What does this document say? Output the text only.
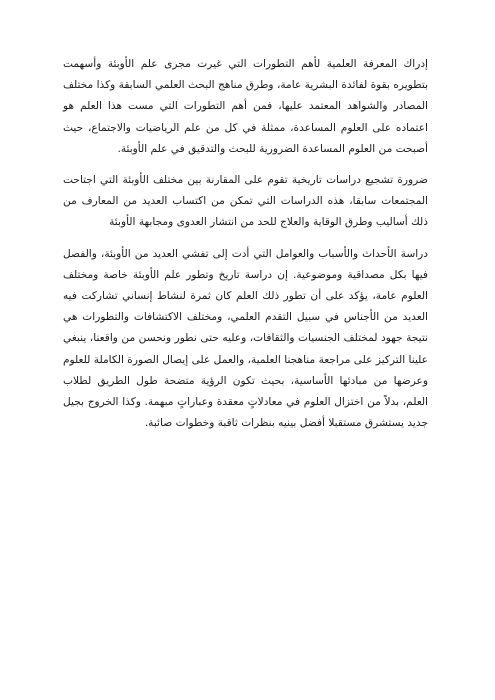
إدراك المعرفة العلمية لأهم التطورات التي غيرت مجرى علم الأوبئة وأسهمت بتطويره بقوة لفائدة البشرية عامة، وطرق مناهج البحث العلمي السابقة وكذا مختلف المصادر والشواهد المعتمد عليها، فمن أهم التطورات التي مست هذا العلم هو اعتماده على العلوم المساعدة، ممثلة في كل من علم الرياضيات والاجتماع، حيث أصبحت من العلوم المساعدة الضرورية للبحث والتدقيق في علم الأوبئة.

ضرورة تشجيع دراسات تاريخية تقوم على المقارنة بين مختلف الأوبئة التي اجتاحت المجتمعات سابقا، هذه الدراسات التي تمكن من اكتساب العديد من المعارف من ذلك أساليب وطرق الوقاية والعلاج للحد من انتشار العدوى ومجابهة الأوبئة

دراسة الأحداث والأسباب والعوامل التي أدت إلى تفشي العديد من الأوبئة، والفصل فيها بكل مصداقية وموضوعية. إن دراسة تاريخ وتطور علم الأوبئة خاصة ومختلف العلوم عامة، يؤكد على أن تطور ذلك العلم كان ثمرة لنشاط إنساني تشاركت فيه العديد من الأجناس في سبيل التقدم العلمي، ومختلف الاكتشافات والتطورات هي نتيجة جهود لمختلف الجنسيات والثقافات، وعليه حتى نطور ونحسن من واقعنا، ينبغي علينا التركيز على مراجعة مناهجنا العلمية، والعمل على إيصال الصورة الكاملة للعلوم وعرضها من مبادئها الأساسية، بحيث تكون الرؤية متضحة طول الطريق لطلاب العلم، بدلاً من اختزال العلوم في معادلاتٍ معقدة وعباراتٍ مبهمة. وكذا الخروج بجيل جديد يستشرق مستقبلا أفضل بينيه بنظرات ثاقبة وخطوات صائبة.
